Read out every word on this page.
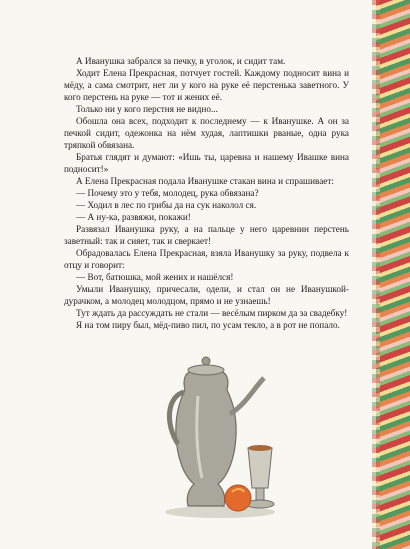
А Иванушка забрался за печку, в уголок, и сидит там.

Ходит Елена Прекрасная, потчует гостей. Каждому подносит вина и мёду, а сама смотрит, нет ли у кого на руке её перстенька заветного. У кого перстень на руке — тот и жених её.

Только ни у кого перстня не видно...

Обошла она всех, подходит к последнему — к Иванушке. А он за печкой сидит, одежонка на нём худая, лаптишки рваные, одна рука тряпкой обвязана.

Братья глядят и думают: «Ишь ты, царевна и нашему Ивашке вина подносит!»

А Елена Прекрасная подала Иванушке стакан вина и спрашивает:

— Почему это у тебя, молодец, рука обвязана?

— Ходил в лес по грибы да на сук наколол ся.

— А ну-ка, развяжи, покажи!

Развязал Иванушка руку, а на пальце у него царевнин перстень заветный: так и сияет, так и сверкает!

Обрадовалась Елена Прекрасная, взяла Иванушку за руку, подвела к отцу и говорит:

— Вот, батюшка, мой жених и нашёлся!

Умыли Иванушку, причесали, одели, и стал он не Иванушкой-дурачком, а молодец молодцом, прямо и не узнаешь!

Тут ждать да рассуждать не стали — весёлым пирком да за свадебку!

Я на том пиру был, мёд-пиво пил, по усам текло, а в рот не попало.
